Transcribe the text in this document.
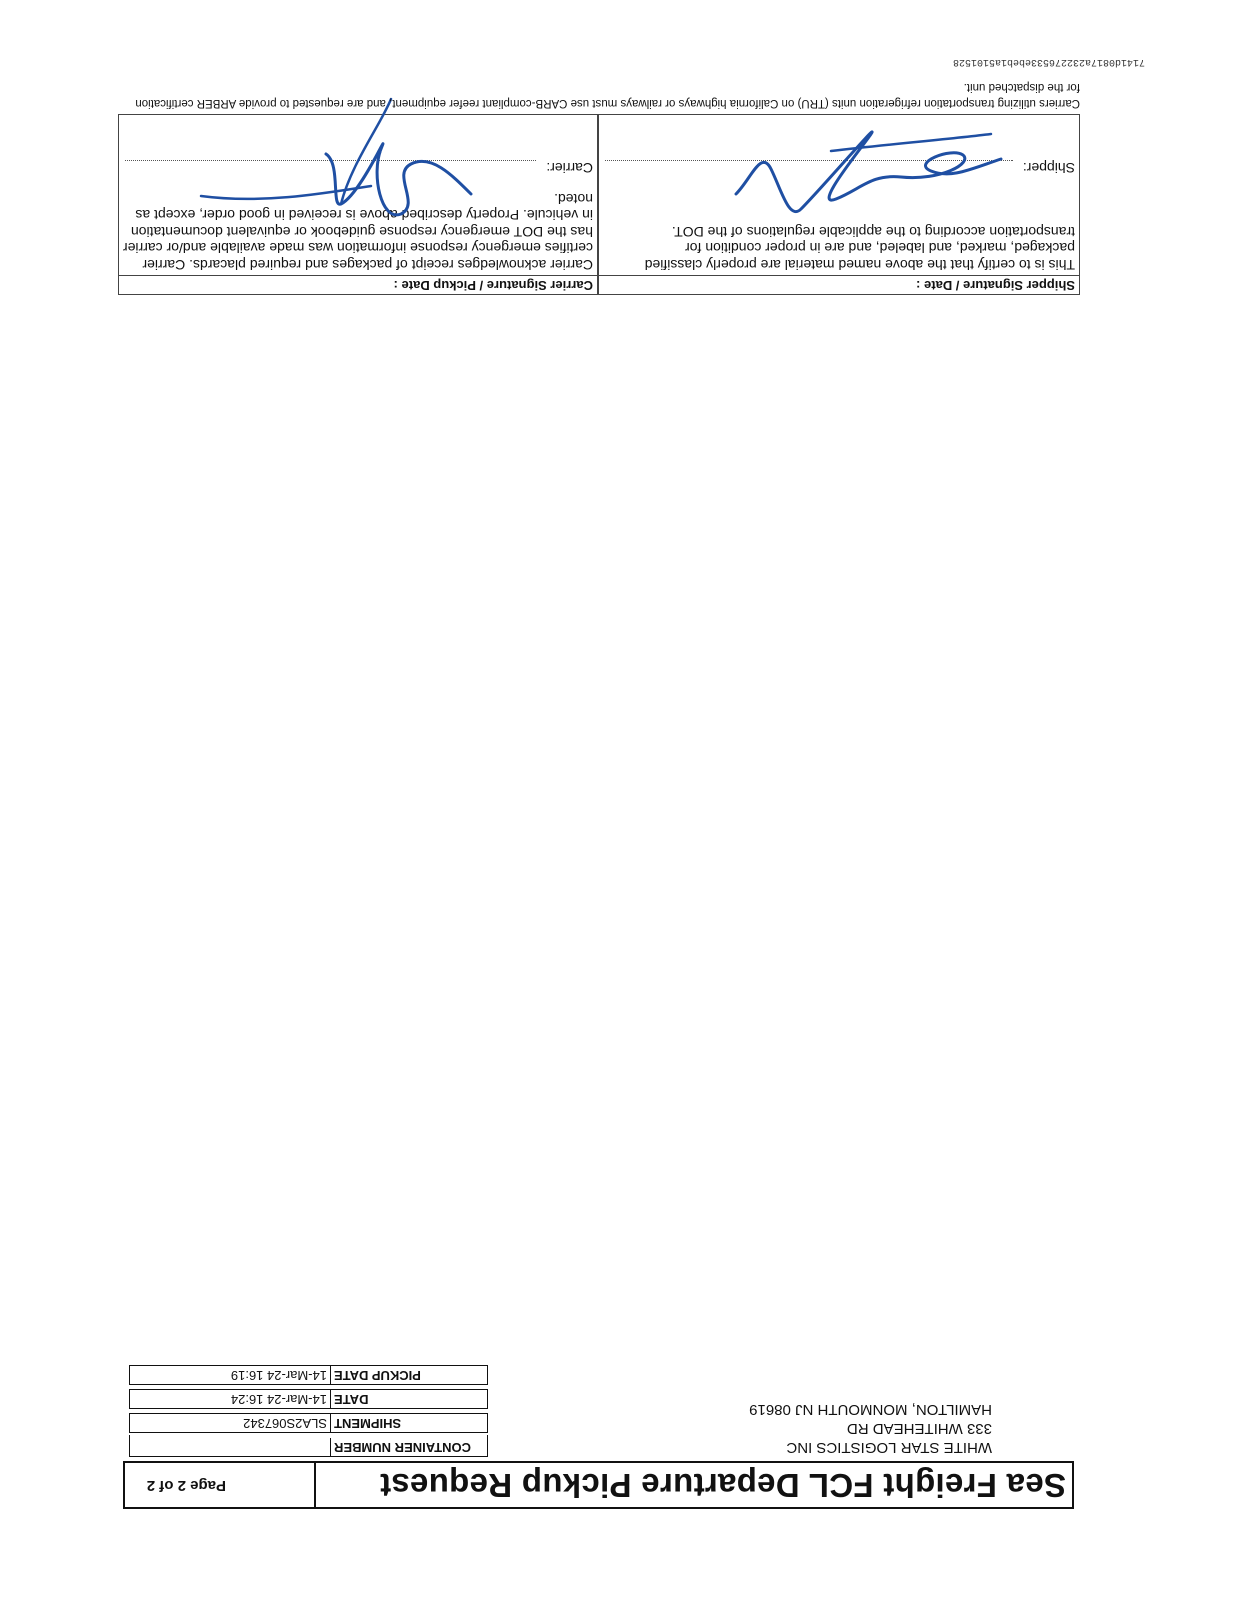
Sea Freight FCL Departure Pickup Request
Page 2 of 2
WHITE STAR LOGISTICS INC
333 WHITEHEAD RD
HAMILTON, MONMOUTH NJ 08619
CONTAINER NUMBER
SHIPMENT
SLA2S067342
DATE
14-Mar-24 16:24
PICKUP DATE
14-Mar-24 16:19
Shipper Signature / Date :
This is to certify that the above named material are properly classified packaged, marked, and labeled, and are in proper condition for transportation according to the applicable regulations of the DOT.
Shipper:
Carrier Signature / Pickup Date :
Carrier acknowledges receipt of packages and required placards. Carrier certifies emergency response information was made available and/or carrier has the DOT emergency response guidebook or equivalent documentation in vehicule. Property described above is received in good order, except as noted.
Carrier:
Carriers utilizing transportation refrigeration units (TRU) on California highways or railways must use CARB-compliant reefer equipment, and are requested to provide ARBER certification for the dispatched unit.
7141d0817a232276533ebeb1a5101528
